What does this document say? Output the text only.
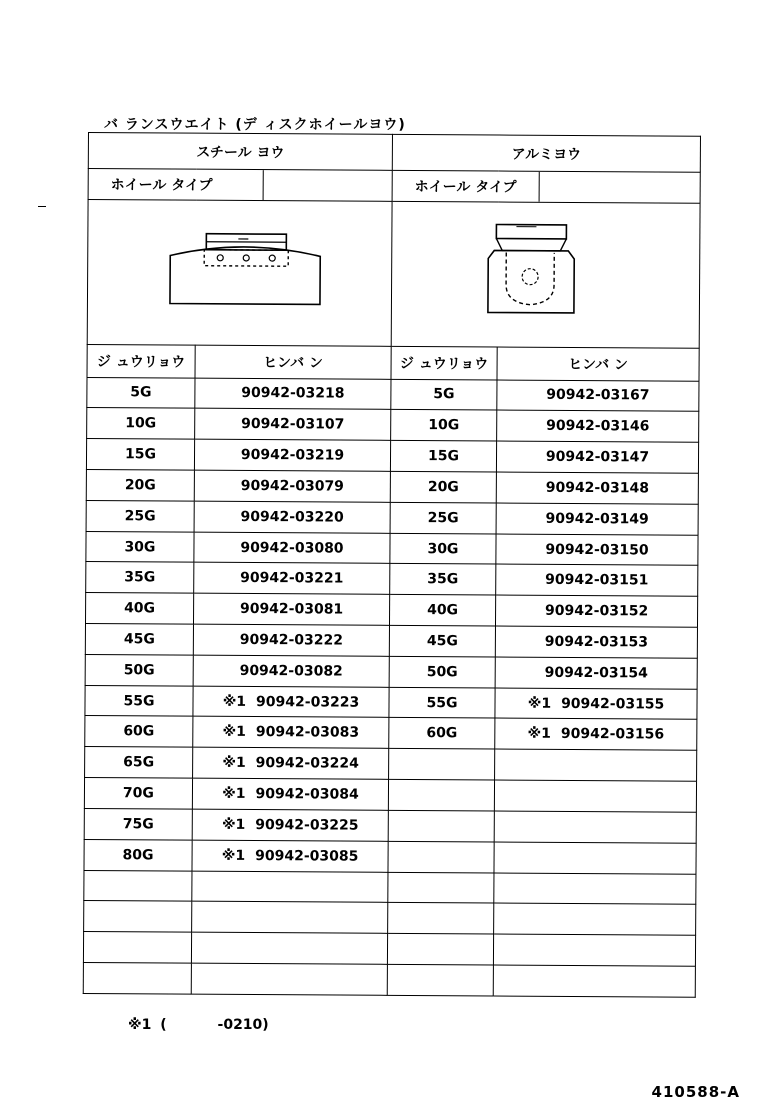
バ ランスウエイト (デ ィスクホイールヨウ)
スチール ヨウ		アルミヨウ	

ホイール タイプ		ホイール タイプ	

ジ ュウリョウ	ヒンバ ン	ジ ュウリョウ	ヒンバ ン
5G	90942-03218	5G	90942-03167
10G	90942-03107	10G	90942-03146
15G	90942-03219	15G	90942-03147
20G	90942-03079	20G	90942-03148
25G	90942-03220	25G	90942-03149
30G	90942-03080	30G	90942-03150
35G	90942-03221	35G	90942-03151
40G	90942-03081	40G	90942-03152
45G	90942-03222	45G	90942-03153
50G	90942-03082	50G	90942-03154
55G	※1 90942-03223	55G	※1 90942-03155
60G	※1 90942-03083	60G	※1 90942-03156
65G	※1 90942-03224		
70G	※1 90942-03084		
75G	※1 90942-03225		
80G	※1 90942-03085		

※1 (	-0210)
410588-A
